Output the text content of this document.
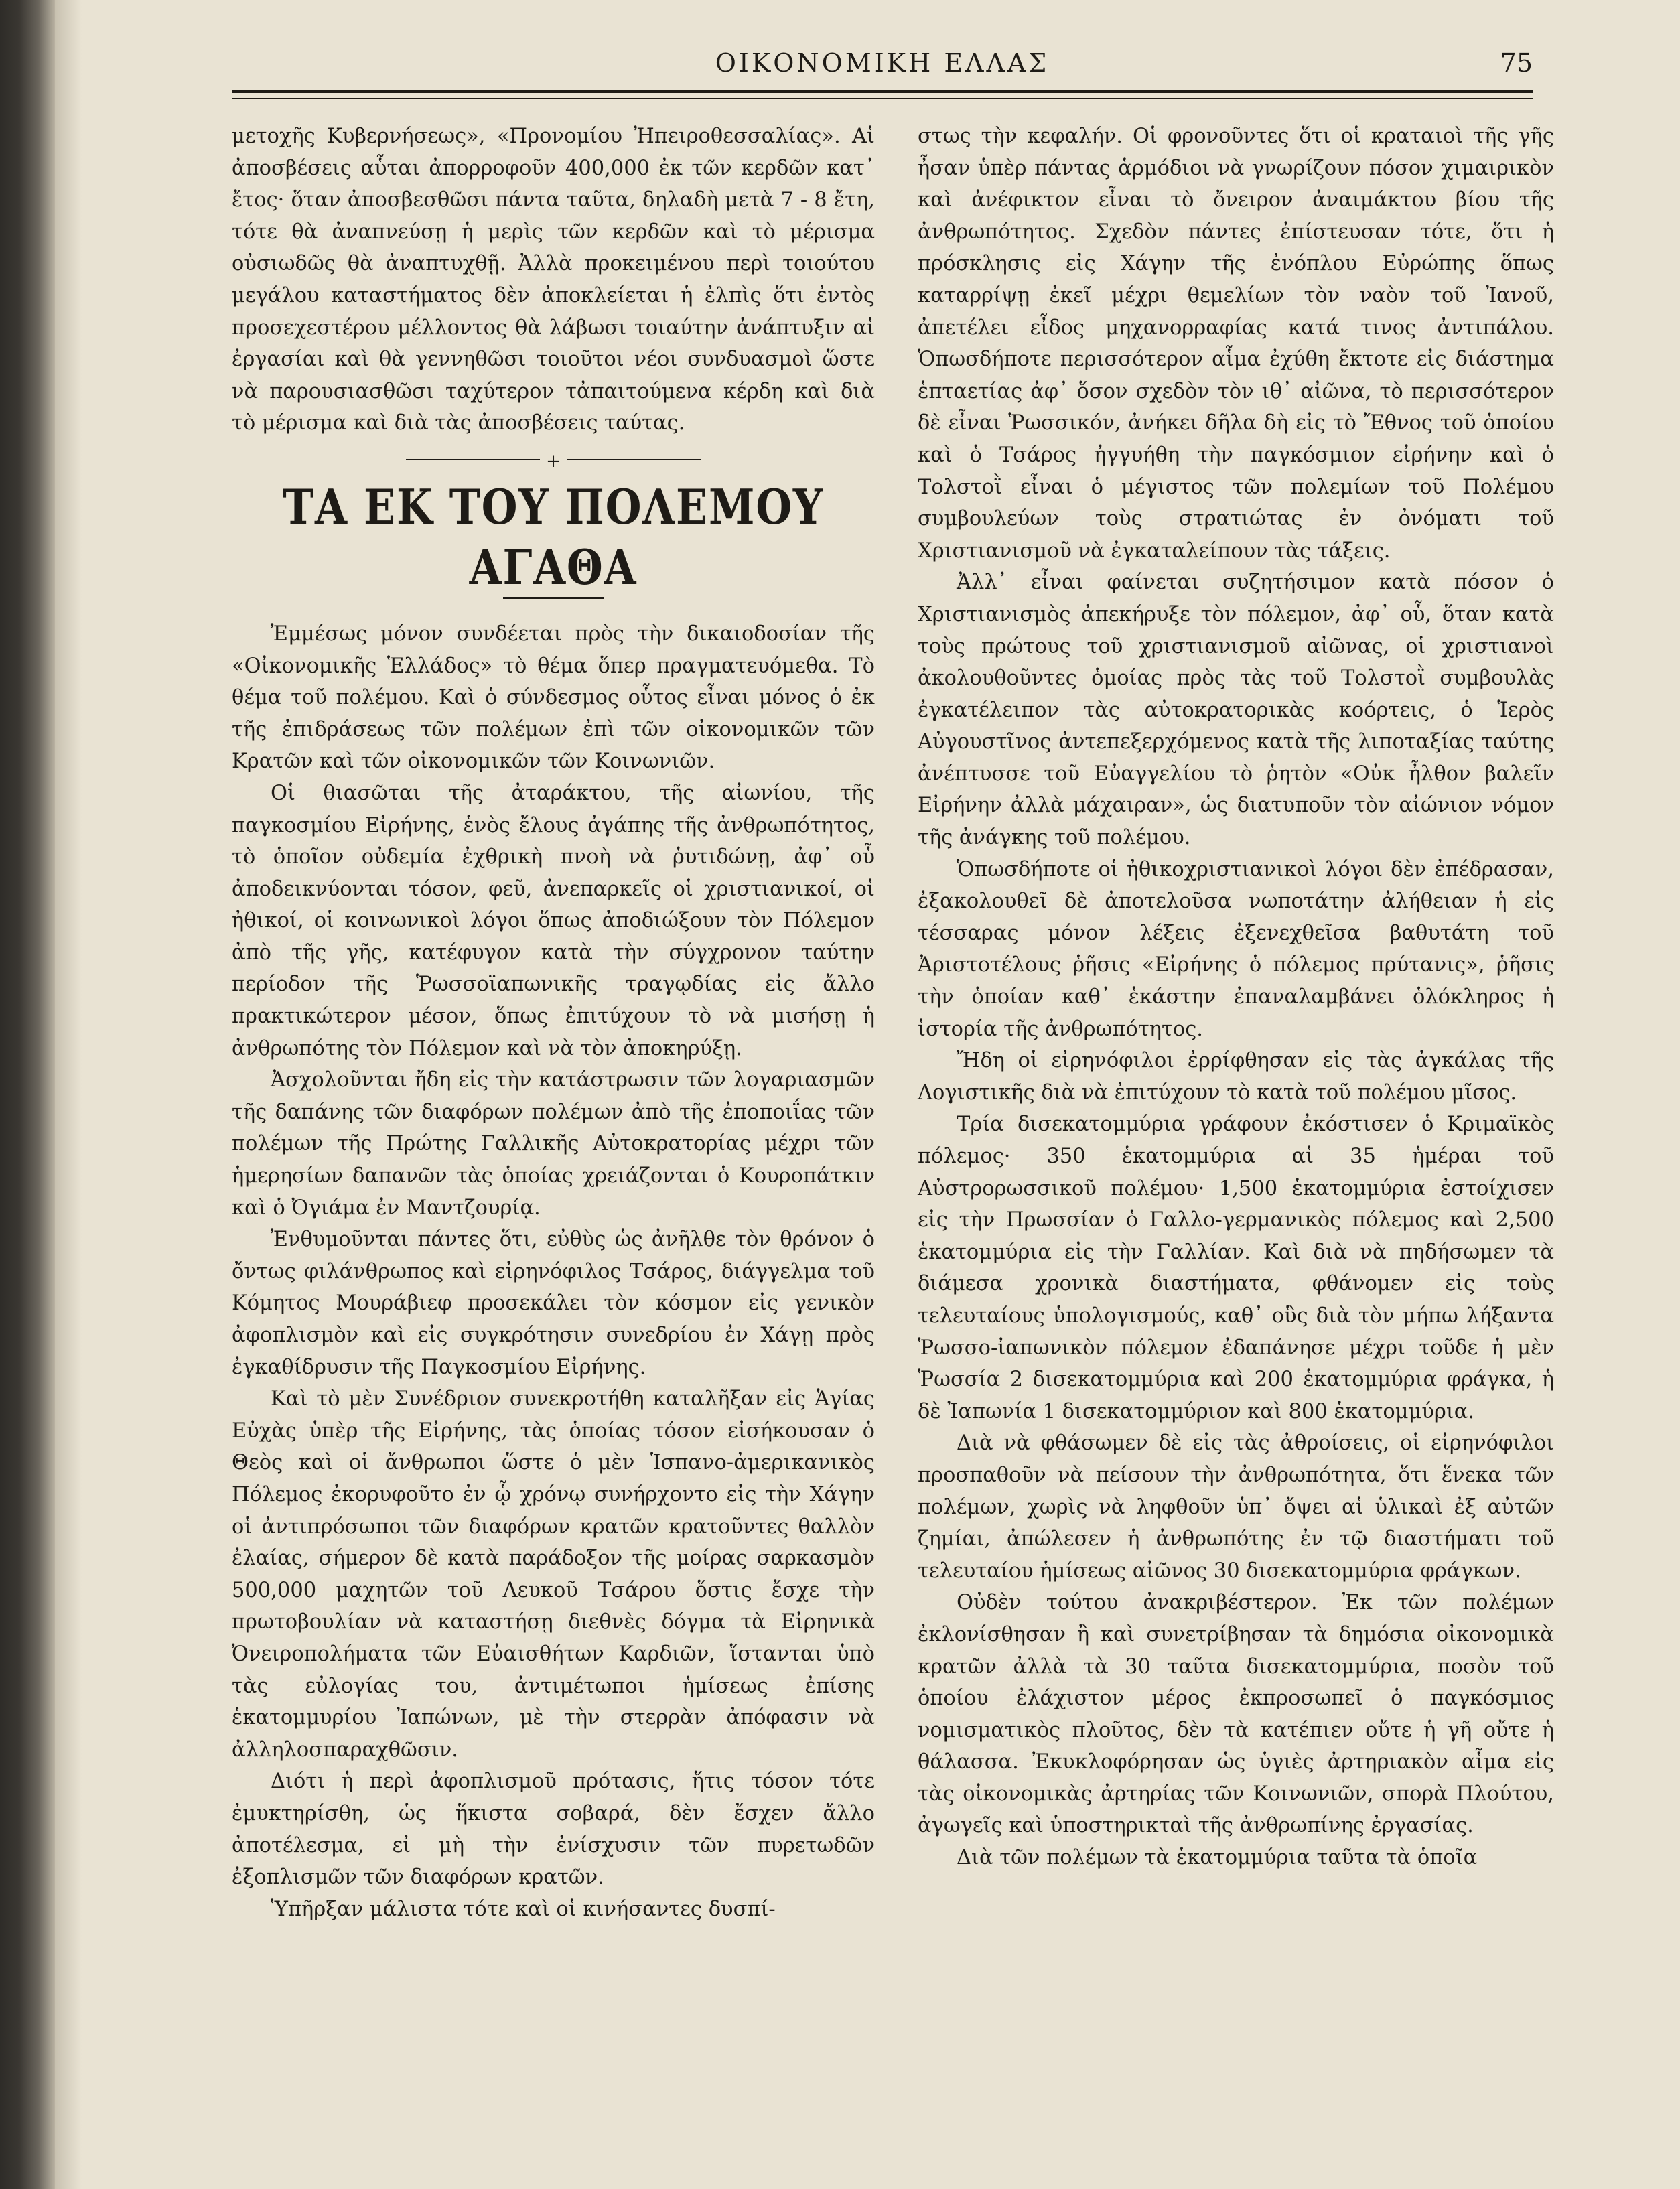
ΟΙΚΟΝΟΜΙΚΗ ΕΛΛΑΣ	75

μετοχῆς Κυβερνήσεως», «Προνομίου Ἠπειροθεσσαλίας». Αἱ ἀποσβέσεις αὗται ἀπορροφοῦν 400,000 ἐκ τῶν κερδῶν κατ᾽ ἔτος· ὅταν ἀποσβεσθῶσι πάντα ταῦτα, δηλαδὴ μετὰ 7 - 8 ἔτη, τότε θὰ ἀναπνεύσῃ ἡ μερὶς τῶν κερδῶν καὶ τὸ μέρισμα οὐσιωδῶς θὰ ἀναπτυχθῇ. Ἀλλὰ προκειμένου περὶ τοιούτου μεγάλου καταστήματος δὲν ἀποκλείεται ἡ ἐλπὶς ὅτι ἐντὸς προσεχεστέρου μέλλοντος θὰ λάβωσι τοιαύτην ἀνάπτυξιν αἱ ἐργασίαι καὶ θὰ γεννηθῶσι τοιοῦτοι νέοι συνδυασμοὶ ὥστε νὰ παρουσιασθῶσι ταχύτερον τἀπαιτούμενα κέρδη καὶ διὰ τὸ μέρισμα καὶ διὰ τὰς ἀποσβέσεις ταύτας.

+
ΤΑ ΕΚ ΤΟΥ ΠΟΛΕΜΟΥ ΑΓΑΘΑ

Ἐμμέσως μόνον συνδέεται πρὸς τὴν δικαιοδοσίαν τῆς «Οἰκονομικῆς Ἑλλάδος» τὸ θέμα ὅπερ πραγματευόμεθα. Τὸ θέμα τοῦ πολέμου. Καὶ ὁ σύνδεσμος οὗτος εἶναι μόνος ὁ ἐκ τῆς ἐπιδράσεως τῶν πολέμων ἐπὶ τῶν οἰκονομικῶν τῶν Κρατῶν καὶ τῶν οἰκονομικῶν τῶν Κοινωνιῶν.

Οἱ θιασῶται τῆς ἀταράκτου, τῆς αἰωνίου, τῆς παγκοσμίου Εἰρήνης, ἑνὸς ἔλους ἀγάπης τῆς ἀνθρωπότητος, τὸ ὁποῖον οὐδεμία ἐχθρικὴ πνοὴ νὰ ῥυτιδώνῃ, ἀφ᾽ οὗ ἀποδεικνύονται τόσον, φεῦ, ἀνεπαρκεῖς οἱ χριστιανικοί, οἱ ἠθικοί, οἱ κοινωνικοὶ λόγοι ὅπως ἀποδιώξουν τὸν Πόλεμον ἀπὸ τῆς γῆς, κατέφυγον κατὰ τὴν σύγχρονον ταύτην περίοδον τῆς Ῥωσσοϊαπωνικῆς τραγῳδίας εἰς ἄλλο πρακτικώτερον μέσον, ὅπως ἐπιτύχουν τὸ νὰ μισήσῃ ἡ ἀνθρωπότης τὸν Πόλεμον καὶ νὰ τὸν ἀποκηρύξῃ.

Ἀσχολοῦνται ἤδη εἰς τὴν κατάστρωσιν τῶν λογαριασμῶν τῆς δαπάνης τῶν διαφόρων πολέμων ἀπὸ τῆς ἐποποιΐας τῶν πολέμων τῆς Πρώτης Γαλλικῆς Αὐτοκρατορίας μέχρι τῶν ἡμερησίων δαπανῶν τὰς ὁποίας χρειάζονται ὁ Κουροπάτκιν καὶ ὁ Ὀγιάμα ἐν Μαντζουρίᾳ.

Ἐνθυμοῦνται πάντες ὅτι, εὐθὺς ὡς ἀνῆλθε τὸν θρόνον ὁ ὄντως φιλάνθρωπος καὶ εἰρηνόφιλος Τσάρος, διάγγελμα τοῦ Κόμητος Μουράβιεφ προσεκάλει τὸν κόσμον εἰς γενικὸν ἀφοπλισμὸν καὶ εἰς συγκρότησιν συνεδρίου ἐν Χάγῃ πρὸς ἐγκαθίδρυσιν τῆς Παγκοσμίου Εἰρήνης.

Καὶ τὸ μὲν Συνέδριον συνεκροτήθη καταλῆξαν εἰς Ἁγίας Εὐχὰς ὑπὲρ τῆς Εἰρήνης, τὰς ὁποίας τόσον εἰσήκουσαν ὁ Θεὸς καὶ οἱ ἄνθρωποι ὥστε ὁ μὲν Ἱσπανο-ἀμερικανικὸς Πόλεμος ἐκορυφοῦτο ἐν ᾧ χρόνῳ συνήρχοντο εἰς τὴν Χάγην οἱ ἀντιπρόσωποι τῶν διαφόρων κρατῶν κρατοῦντες θαλλὸν ἐλαίας, σήμερον δὲ κατὰ παράδοξον τῆς μοίρας σαρκασμὸν 500,000 μαχητῶν τοῦ Λευκοῦ Τσάρου ὅστις ἔσχε τὴν πρωτοβουλίαν νὰ καταστήσῃ διεθνὲς δόγμα τὰ Εἰρηνικὰ Ὀνειροπολήματα τῶν Εὐαισθήτων Καρδιῶν, ἵστανται ὑπὸ τὰς εὐλογίας του, ἀντιμέτωποι ἡμίσεως ἐπίσης ἑκατομμυρίου Ἰαπώνων, μὲ τὴν στερρὰν ἀπόφασιν νὰ ἀλληλοσπαραχθῶσιν.

Διότι ἡ περὶ ἀφοπλισμοῦ πρότασις, ἥτις τόσον τότε ἐμυκτηρίσθη, ὡς ἥκιστα σοβαρά, δὲν ἔσχεν ἄλλο ἀποτέλεσμα, εἰ μὴ τὴν ἐνίσχυσιν τῶν πυρετωδῶν ἐξοπλισμῶν τῶν διαφόρων κρατῶν.

Ὑπῆρξαν μάλιστα τότε καὶ οἱ κινήσαντες δυσπί-

στως τὴν κεφαλήν. Οἱ φρονοῦντες ὅτι οἱ κραταιοὶ τῆς γῆς ἦσαν ὑπὲρ πάντας ἁρμόδιοι νὰ γνωρίζουν πόσον χιμαιρικὸν καὶ ἀνέφικτον εἶναι τὸ ὄνειρον ἀναιμάκτου βίου τῆς ἀνθρωπότητος. Σχεδὸν πάντες ἐπίστευσαν τότε, ὅτι ἡ πρόσκλησις εἰς Χάγην τῆς ἐνόπλου Εὐρώπης ὅπως καταρρίψῃ ἐκεῖ μέχρι θεμελίων τὸν ναὸν τοῦ Ἰανοῦ, ἀπετέλει εἶδος μηχανορραφίας κατά τινος ἀντιπάλου. Ὁπωσδήποτε περισσότερον αἷμα ἐχύθη ἔκτοτε εἰς διάστημα ἑπταετίας ἀφ᾽ ὅσον σχεδὸν τὸν ιθ᾽ αἰῶνα, τὸ περισσότερον δὲ εἶναι Ῥωσσικόν, ἀνήκει δῆλα δὴ εἰς τὸ Ἔθνος τοῦ ὁποίου καὶ ὁ Τσάρος ἠγγυήθη τὴν παγκόσμιον εἰρήνην καὶ ὁ Τολστοῒ εἶναι ὁ μέγιστος τῶν πολεμίων τοῦ Πολέμου συμβουλεύων τοὺς στρατιώτας ἐν ὀνόματι τοῦ Χριστιανισμοῦ νὰ ἐγκαταλείπουν τὰς τάξεις.

Ἀλλ᾽ εἶναι φαίνεται συζητήσιμον κατὰ πόσον ὁ Χριστιανισμὸς ἀπεκήρυξε τὸν πόλεμον, ἀφ᾽ οὗ, ὅταν κατὰ τοὺς πρώτους τοῦ χριστιανισμοῦ αἰῶνας, οἱ χριστιανοὶ ἀκολουθοῦντες ὁμοίας πρὸς τὰς τοῦ Τολστοῒ συμβουλὰς ἐγκατέλειπον τὰς αὐτοκρατορικὰς κοόρτεις, ὁ Ἱερὸς Αὐγουστῖνος ἀντεπεξερχόμενος κατὰ τῆς λιποταξίας ταύτης ἀνέπτυσσε τοῦ Εὐαγγελίου τὸ ῥητὸν «Οὐκ ἦλθον βαλεῖν Εἰρήνην ἀλλὰ μάχαιραν», ὡς διατυποῦν τὸν αἰώνιον νόμον τῆς ἀνάγκης τοῦ πολέμου.

Ὁπωσδήποτε οἱ ἠθικοχριστιανικοὶ λόγοι δὲν ἐπέδρασαν, ἐξακολουθεῖ δὲ ἀποτελοῦσα νωποτάτην ἀλήθειαν ἡ εἰς τέσσαρας μόνον λέξεις ἐξενεχθεῖσα βαθυτάτη τοῦ Ἀριστοτέλους ῥῆσις «Εἰρήνης ὁ πόλεμος πρύτανις», ῥῆσις τὴν ὁποίαν καθ᾽ ἑκάστην ἐπαναλαμβάνει ὁλόκληρος ἡ ἱστορία τῆς ἀνθρωπότητος.

Ἤδη οἱ εἰρηνόφιλοι ἐρρίφθησαν εἰς τὰς ἀγκάλας τῆς Λογιστικῆς διὰ νὰ ἐπιτύχουν τὸ κατὰ τοῦ πολέμου μῖσος.

Τρία δισεκατομμύρια γράφουν ἐκόστισεν ὁ Κριμαϊκὸς πόλεμος· 350 ἑκατομμύρια αἱ 35 ἡμέραι τοῦ Αὐστρορωσσικοῦ πολέμου· 1,500 ἑκατομμύρια ἐστοίχισεν εἰς τὴν Πρωσσίαν ὁ Γαλλο-γερμανικὸς πόλεμος καὶ 2,500 ἑκατομμύρια εἰς τὴν Γαλλίαν. Καὶ διὰ νὰ πηδήσωμεν τὰ διάμεσα χρονικὰ διαστήματα, φθάνομεν εἰς τοὺς τελευταίους ὑπολογισμούς, καθ᾽ οὓς διὰ τὸν μήπω λήξαντα Ῥωσσο-ἰαπωνικὸν πόλεμον ἐδαπάνησε μέχρι τοῦδε ἡ μὲν Ῥωσσία 2 δισεκατομμύρια καὶ 200 ἑκατομμύρια φράγκα, ἡ δὲ Ἰαπωνία 1 δισεκατομμύριον καὶ 800 ἑκατομμύρια.

Διὰ νὰ φθάσωμεν δὲ εἰς τὰς ἀθροίσεις, οἱ εἰρηνόφιλοι προσπαθοῦν νὰ πείσουν τὴν ἀνθρωπότητα, ὅτι ἕνεκα τῶν πολέμων, χωρὶς νὰ ληφθοῦν ὑπ᾽ ὄψει αἱ ὑλικαὶ ἐξ αὐτῶν ζημίαι, ἀπώλεσεν ἡ ἀνθρωπότης ἐν τῷ διαστήματι τοῦ τελευταίου ἡμίσεως αἰῶνος 30 δισεκατομμύρια φράγκων.

Οὐδὲν τούτου ἀνακριβέστερον. Ἐκ τῶν πολέμων ἐκλονίσθησαν ἢ καὶ συνετρίβησαν τὰ δημόσια οἰκονομικὰ κρατῶν ἀλλὰ τὰ 30 ταῦτα δισεκατομμύρια, ποσὸν τοῦ ὁποίου ἐλάχιστον μέρος ἐκπροσωπεῖ ὁ παγκόσμιος νομισματικὸς πλοῦτος, δὲν τὰ κατέπιεν οὔτε ἡ γῆ οὔτε ἡ θάλασσα. Ἐκυκλοφόρησαν ὡς ὑγιὲς ἀρτηριακὸν αἷμα εἰς τὰς οἰκονομικὰς ἀρτηρίας τῶν Κοινωνιῶν, σπορὰ Πλούτου, ἀγωγεῖς καὶ ὑποστηρικταὶ τῆς ἀνθρωπίνης ἐργασίας.

Διὰ τῶν πολέμων τὰ ἑκατομμύρια ταῦτα τὰ ὁποῖα
